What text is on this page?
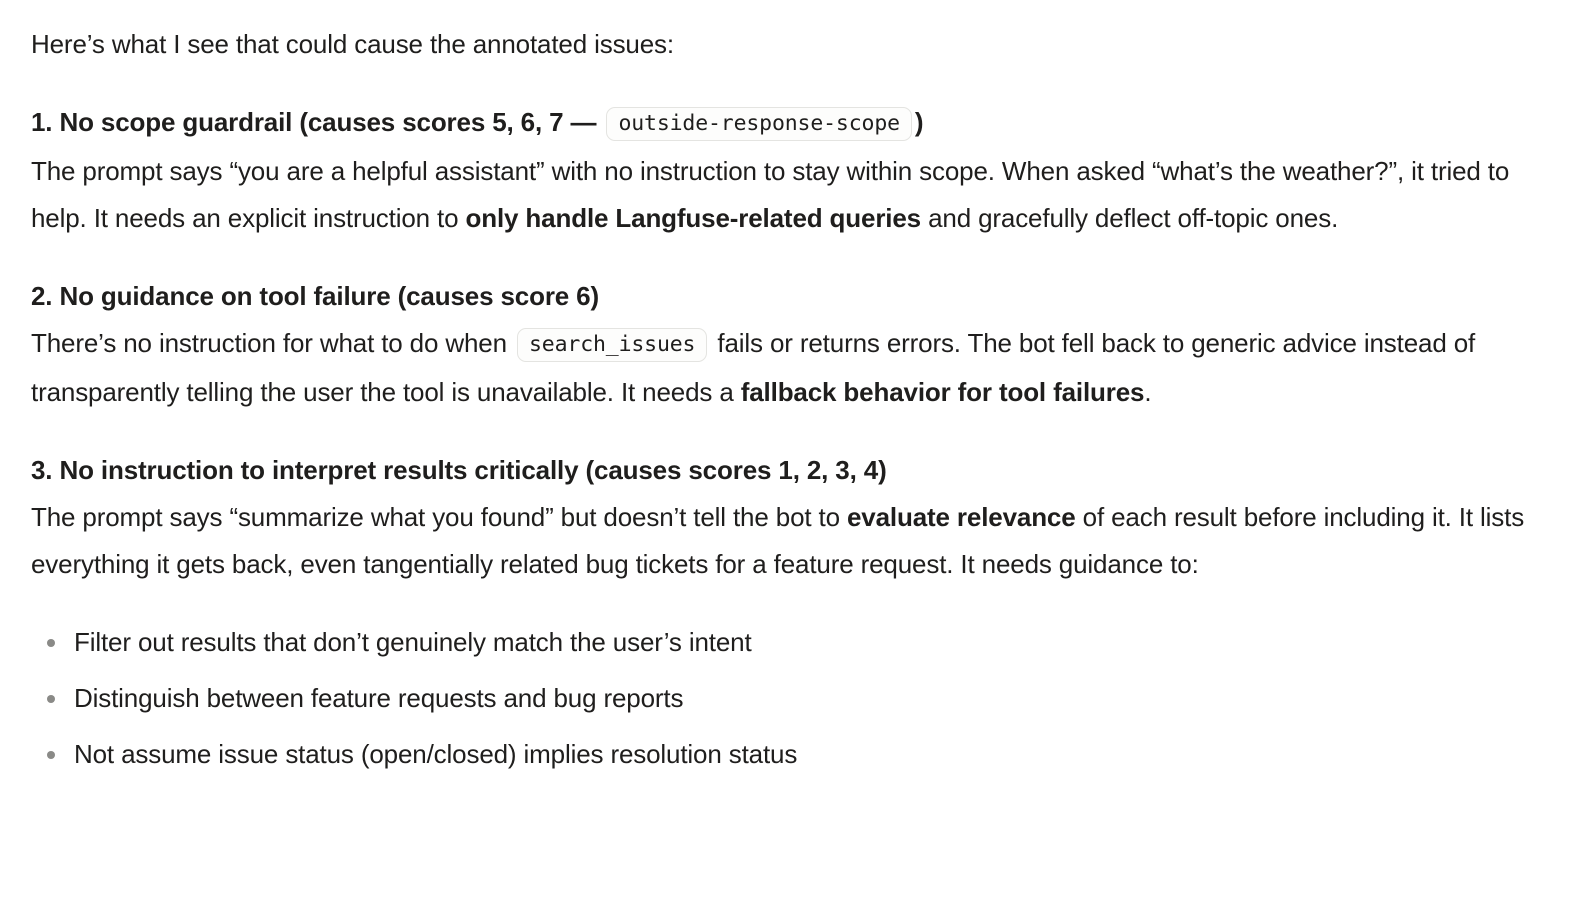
Here’s what I see that could cause the annotated issues:

1. No scope guardrail (causes scores 5, 6, 7 — outside-response-scope )
The prompt says “you are a helpful assistant” with no instruction to stay within scope. When asked “what’s the weather?”, it tried to help. It needs an explicit instruction to only handle Langfuse-related queries and gracefully deflect off-topic ones.

2. No guidance on tool failure (causes score 6)
There’s no instruction for what to do when search_issues fails or returns errors. The bot fell back to generic advice instead of transparently telling the user the tool is unavailable. It needs a fallback behavior for tool failures.

3. No instruction to interpret results critically (causes scores 1, 2, 3, 4)
The prompt says “summarize what you found” but doesn’t tell the bot to evaluate relevance of each result before including it. It lists everything it gets back, even tangentially related bug tickets for a feature request. It needs guidance to:

Filter out results that don’t genuinely match the user’s intent
Distinguish between feature requests and bug reports
Not assume issue status (open/closed) implies resolution status
